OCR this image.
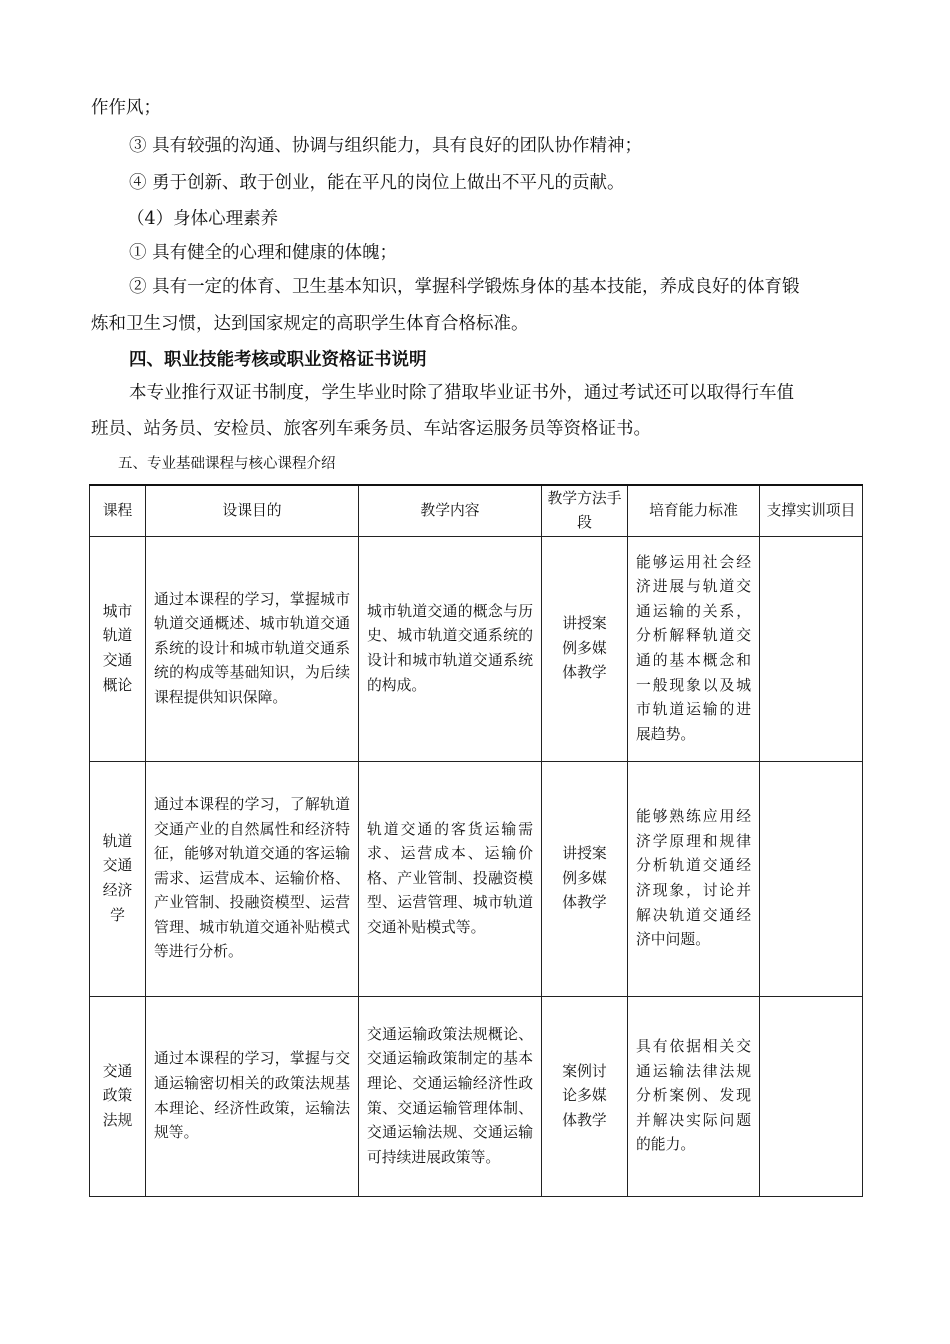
作作风；
③ 具有较强的沟通、协调与组织能力，具有良好的团队协作精神；
④ 勇于创新、敢于创业，能在平凡的岗位上做出不平凡的贡献。
（4）身体心理素养
① 具有健全的心理和健康的体魄；
② 具有一定的体育、卫生基本知识，掌握科学锻炼身体的基本技能，养成良好的体育锻
炼和卫生习惯，达到国家规定的高职学生体育合格标准。
四、职业技能考核或职业资格证书说明
本专业推行双证书制度，学生毕业时除了猎取毕业证书外，通过考试还可以取得行车值
班员、站务员、安检员、旅客列车乘务员、车站客运服务员等资格证书。
五、专业基础课程与核心课程介绍
课程	设课目的	教学内容	教学方法手段	培育能力标准	支撑实训项目
城市轨道交通概论	通过本课程的学习，掌握城市轨道交通概述、城市轨道交通系统的设计和城市轨道交通系统的构成等基础知识，为后续课程提供知识保障。	城市轨道交通的概念与历史、城市轨道交通系统的设计和城市轨道交通系统的构成。	讲授案例多媒体教学	能够运用社会经济进展与轨道交通运输的关系，分析解释轨道交通的基本概念和一般现象以及城市轨道运输的进展趋势。	
轨道交通经济学	通过本课程的学习，了解轨道交通产业的自然属性和经济特征，能够对轨道交通的客运输需求、运营成本、运输价格、产业管制、投融资模型、运营管理、城市轨道交通补贴模式等进行分析。	轨道交通的客货运输需求、运营成本、运输价格、产业管制、投融资模型、运营管理、城市轨道交通补贴模式等。	讲授案例多媒体教学	能够熟练应用经济学原理和规律分析轨道交通经济现象，讨论并解决轨道交通经济中问题。	
交通政策法规	通过本课程的学习，掌握与交通运输密切相关的政策法规基本理论、经济性政策，运输法规等。	交通运输政策法规概论、交通运输政策制定的基本理论、交通运输经济性政策、交通运输管理体制、交通运输法规、交通运输可持续进展政策等。	案例讨论多媒体教学	具有依据相关交通运输法律法规分析案例、发现并解决实际问题的能力。	
